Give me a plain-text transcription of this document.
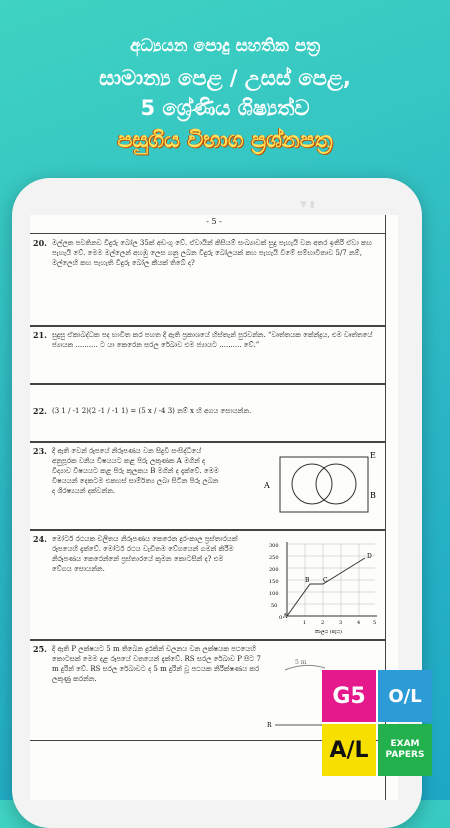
අධ්‍යයන පොදු සහතික පත්‍ර
සාමාන්‍ය පෙළ / උසස් පෙළ,
5 ශ්‍රේණිය ශිෂ්‍යත්ව
පසුගිය විභාග ප්‍රශ්නපත්‍ර
▼ ▮
- 5 -
20. මල්ලක පවතිනව විදුරු බෝල 35ක් අඩංගු වේ. ඒවායින් කිසියම් සංඛ්‍යාවක් සුදු පැහැයි වන අතර ඉතිරි ඒවා කහ පැහැයි වේ. මෙම මල්ලෙන් අහඹු ලෙස ගනු ලබන විදුරු බෝලයක් කහ පැහැයි වීමේ සම්භාවිතාව 5/7 නම්, මල්ලෙහි කහ පැහැති විදුරු බෝල කීයක් තිබේ ද?
21. සුදුසු ඒකාබද්ධක පද භාවිත කර පහත දී ඇති ප්‍රකාශයේ හිස්තැන් පුරවන්න. “වෘත්තයක කේන්ද්‍රය, එම වෘත්තයේ ජ්‍යායක .......... ට යා කෙරෙන සරල රේඛාව එම ජ්‍යායට .......... වේ.”
22. (3 1 / -1 2)(2 -1 / -1 1) = (5 x / -4 3) නම් x හි අගය සොයන්න.
23. දී ඇති වෙන් රූපයේ නිරූපණය වන සිදුවී සංසිද්ධියේ අනුපූරක වනිය විෂයයට කළ පිරු ලකුණක A මගින් ද විද්‍යාව විෂයයට කළ පිරු කුලකය B මගින් ද දැක්වේ. මෙම විෂයයන් දෙකටම එකහස් සාම්ර්ත්‍ය ලබා සිටින පිරු ලබන ද ශිරෂ්‍යයන් දක්වන්න.
A
E
B
24. මෝටර් රථයක චලිතය නිරූපණය කෙරෙන දුර-කාල ප්‍රස්තාරයක් රූපයෙහි දැක්වේ. මෝටර් රථය වැඩිතම වේගයෙන් ගමන් කිරීම නිරූපණය කෙරෙන්නේ ප්‍රස්තාරයේ කුමන කොටසින් ද? එම වේගය සොයන්න.
300
250
200
150
100
50
0
1	2	3	4	5
කාලය (පැය)
A
B C
D
25. දී ඇති P ලක්ෂයට 5 m තිබෙන දුරකින් චලනය වන ලක්ෂයක පථයෙහි කොටසක් මෙම දළ රූපයේ වතයෙන් දැක්වේ. RS සරල රේඛාව P සිට 7 m දුරින් වේ. RS සරල රේඛාවට ද 5 m දුරින් වූ පථයක නිරීක්ෂණය කර ලකුණු කරන්න.
5 m
R
G5	O/L
A/L	EXAM
PAPERS
